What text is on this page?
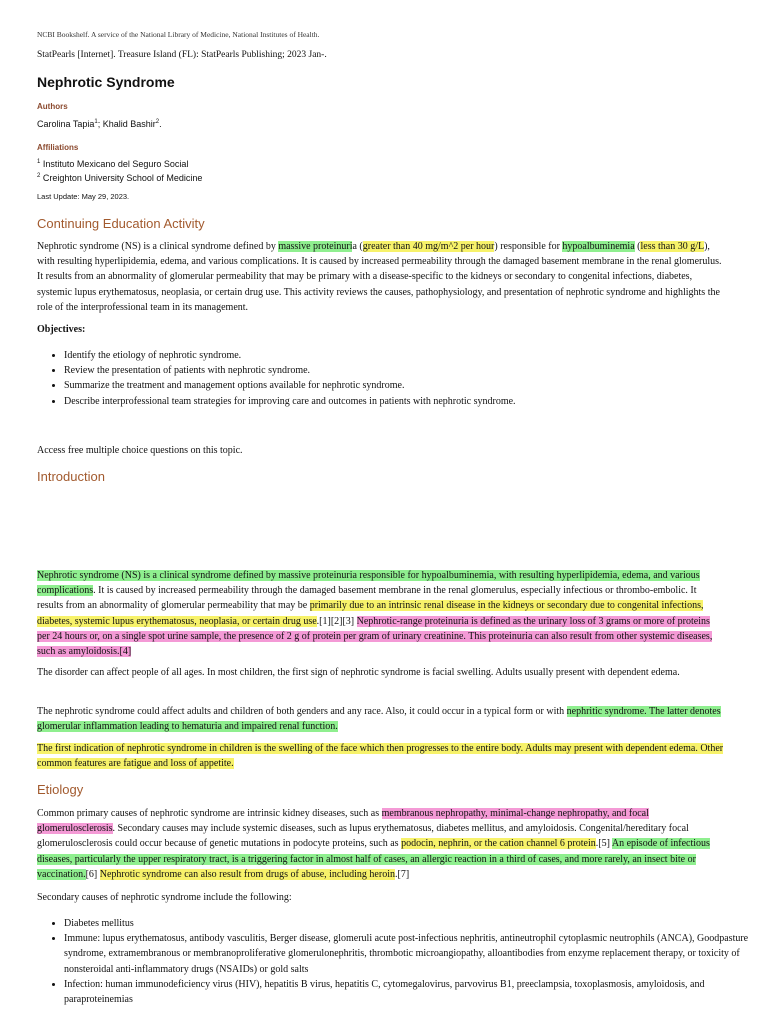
NCBI Bookshelf. A service of the National Library of Medicine, National Institutes of Health.
StatPearls [Internet]. Treasure Island (FL): StatPearls Publishing; 2023 Jan-.
Nephrotic Syndrome
Authors
Carolina Tapia$^1$; Khalid Bashir$^2$.
Affiliations
$^1$ Instituto Mexicano del Seguro Social
$^2$ Creighton University School of Medicine
Last Update: May 29, 2023.
Continuing Education Activity

Nephrotic syndrome (NS) is a clinical syndrome defined by massive proteinuria (greater than 40 mg/m^2 per hour) responsible for hypoalbuminemia (less than 30 g/L), with resulting hyperlipidemia, edema, and various complications. It is caused by increased permeability through the damaged basement membrane in the renal glomerulus. It results from an abnormality of glomerular permeability that may be primary with a disease-specific to the kidneys or secondary to congenital infections, diabetes, systemic lupus erythematosus, neoplasia, or certain drug use. This activity reviews the causes, pathophysiology, and presentation of nephrotic syndrome and highlights the role of the interprofessional team in its management.

Objectives:
• Identify the etiology of nephrotic syndrome.
• Review the presentation of patients with nephrotic syndrome.
• Summarize the treatment and management options available for nephrotic syndrome.
• Describe interprofessional team strategies for improving care and outcomes in patients with nephrotic syndrome.
Access free multiple choice questions on this topic.
Introduction

Nephrotic syndrome (NS) is a clinical syndrome defined by massive proteinuria responsible for hypoalbuminemia, with resulting hyperlipidemia, edema, and various complications. It is caused by increased permeability through the damaged basement membrane in the renal glomerulus, especially infectious or thrombo-embolic. It results from an abnormality of glomerular permeability that may be primarily due to an intrinsic renal disease in the kidneys or secondary due to congenital infections, diabetes, systemic lupus erythematosus, neoplasia, or certain drug use.[1][2][3] Nephrotic-range proteinuria is defined as the urinary loss of 3 grams or more of proteins per 24 hours or, on a single spot urine sample, the presence of 2 g of protein per gram of urinary creatinine. This proteinuria can also result from other systemic diseases, such as amyloidosis.[4]

The disorder can affect people of all ages. In most children, the first sign of nephrotic syndrome is facial swelling. Adults usually present with dependent edema.

The nephrotic syndrome could affect adults and children of both genders and any race. Also, it could occur in a typical form or with nephritic syndrome. The latter denotes glomerular inflammation leading to hematuria and impaired renal function.

The first indication of nephrotic syndrome in children is the swelling of the face which then progresses to the entire body. Adults may present with dependent edema. Other common features are fatigue and loss of appetite.

Etiology

Common primary causes of nephrotic syndrome are intrinsic kidney diseases, such as membranous nephropathy, minimal-change nephropathy, and focal glomerulosclerosis. Secondary causes may include systemic diseases, such as lupus erythematosus, diabetes mellitus, and amyloidosis. Congenital/hereditary focal glomerulosclerosis could occur because of genetic mutations in podocyte proteins, such as podocin, nephrin, or the cation channel 6 protein.[5] An episode of infectious diseases, particularly the upper respiratory tract, is a triggering factor in almost half of cases, an allergic reaction in a third of cases, and more rarely, an insect bite or vaccination.[6] Nephrotic syndrome can also result from drugs of abuse, including heroin.[7]

Secondary causes of nephrotic syndrome include the following:
• Diabetes mellitus
• Immune: lupus erythematosus, antibody vasculitis, Berger disease, glomeruli acute post-infectious nephritis, antineutrophil cytoplasmic neutrophils (ANCA), Goodpasture syndrome, extramembranous or membranoproliferative glomerulonephritis, thrombotic microangiopathy, alloantibodies from enzyme replacement therapy, or toxicity of nonsteroidal anti-inflammatory drugs (NSAIDs) or gold salts
• Infection: human immunodeficiency virus (HIV), hepatitis B virus, hepatitis C, cytomegalovirus, parvovirus B1, preeclampsia, toxoplasmosis, amyloidosis, and paraproteinemias
